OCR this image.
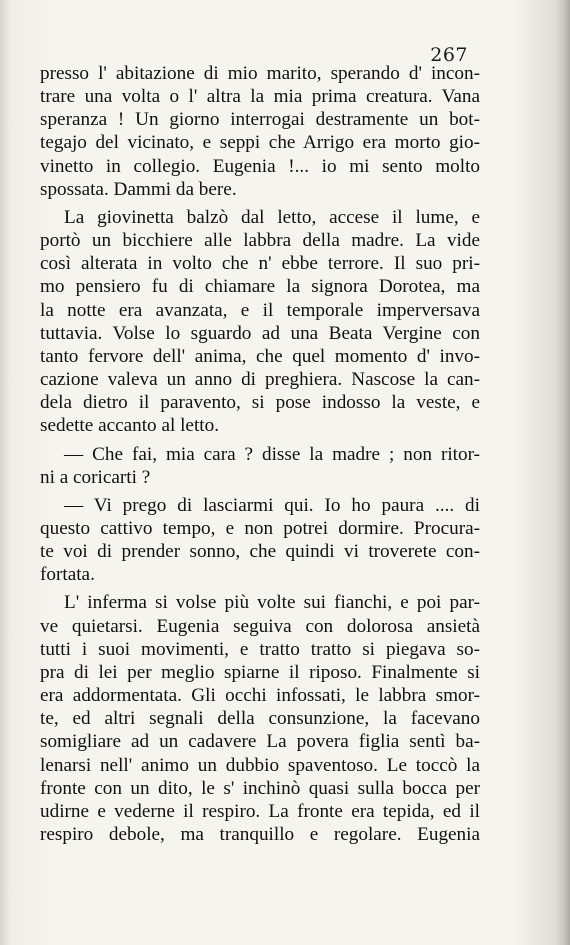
267
presso l' abitazione di mio marito, sperando d' incon-
trare una volta o l' altra la mia prima creatura. Vana
speranza ! Un giorno interrogai destramente un bot-
tegajo del vicinato, e seppi che Arrigo era morto gio-
vinetto in collegio. Eugenia !... io mi sento molto
spossata. Dammi da bere.
La giovinetta balzò dal letto, accese il lume, e
portò un bicchiere alle labbra della madre. La vide
così alterata in volto che n' ebbe terrore. Il suo pri-
mo pensiero fu di chiamare la signora Dorotea, ma
la notte era avanzata, e il temporale imperversava
tuttavia. Volse lo sguardo ad una Beata Vergine con
tanto fervore dell' anima, che quel momento d' invo-
cazione valeva un anno di preghiera. Nascose la can-
dela dietro il paravento, si pose indosso la veste, e
sedette accanto al letto.
— Che fai, mia cara ? disse la madre ; non ritor-
ni a coricarti ?
— Vi prego di lasciarmi qui. Io ho paura .... di
questo cattivo tempo, e non potrei dormire. Procura-
te voi di prender sonno, che quindi vi troverete con-
fortata.
L' inferma si volse più volte sui fianchi, e poi par-
ve quietarsi. Eugenia seguiva con dolorosa ansietà
tutti i suoi movimenti, e tratto tratto si piegava so-
pra di lei per meglio spiarne il riposo. Finalmente si
era addormentata. Gli occhi infossati, le labbra smor-
te, ed altri segnali della consunzione, la facevano
somigliare ad un cadavere La povera figlia sentì ba-
lenarsi nell' animo un dubbio spaventoso. Le toccò la
fronte con un dito, le s' inchinò quasi sulla bocca per
udirne e vederne il respiro. La fronte era tepida, ed il
respiro debole, ma tranquillo e regolare. Eugenia
